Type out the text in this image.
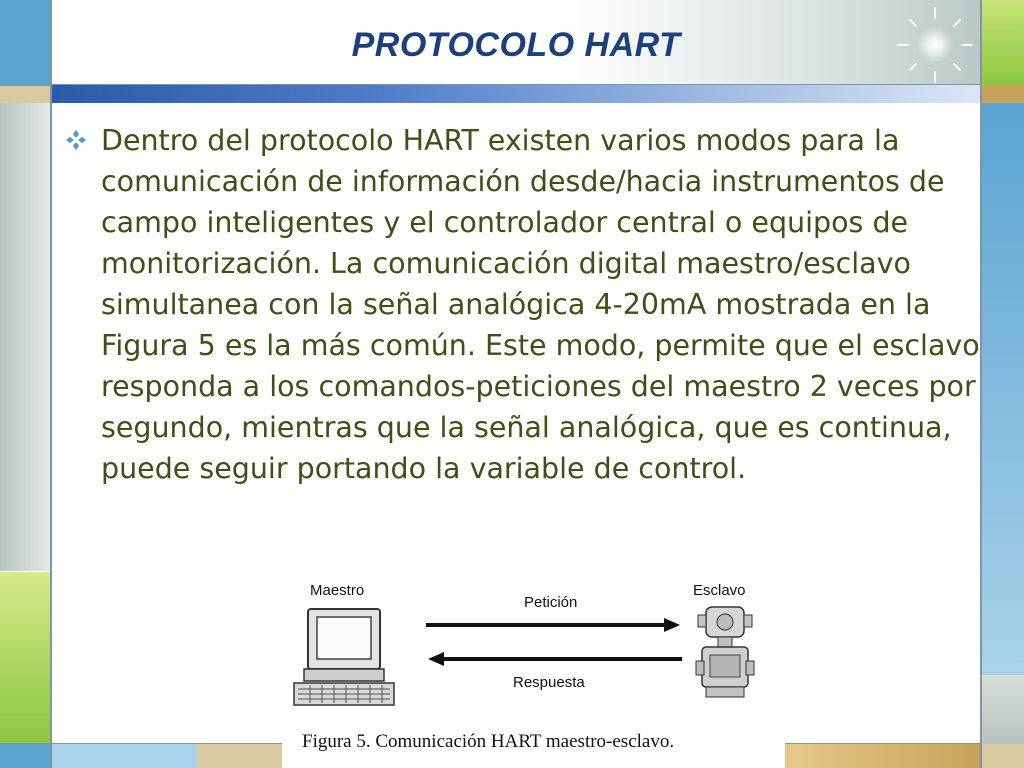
PROTOCOLO HART

Dentro del protocolo HART existen varios modos para la comunicación de información desde/hacia instrumentos de campo inteligentes y el controlador central o equipos de monitorización. La comunicación digital maestro/esclavo simultanea con la señal analógica 4-20mA mostrada en la Figura 5 es la más común. Este modo, permite que el esclavo responda a los comandos-peticiones del maestro 2 veces por segundo, mientras que la señal analógica, que es continua, puede seguir portando la variable de control.

Maestro	Esclavo
Petición
Respuesta
Figura 5. Comunicación HART maestro-esclavo.
